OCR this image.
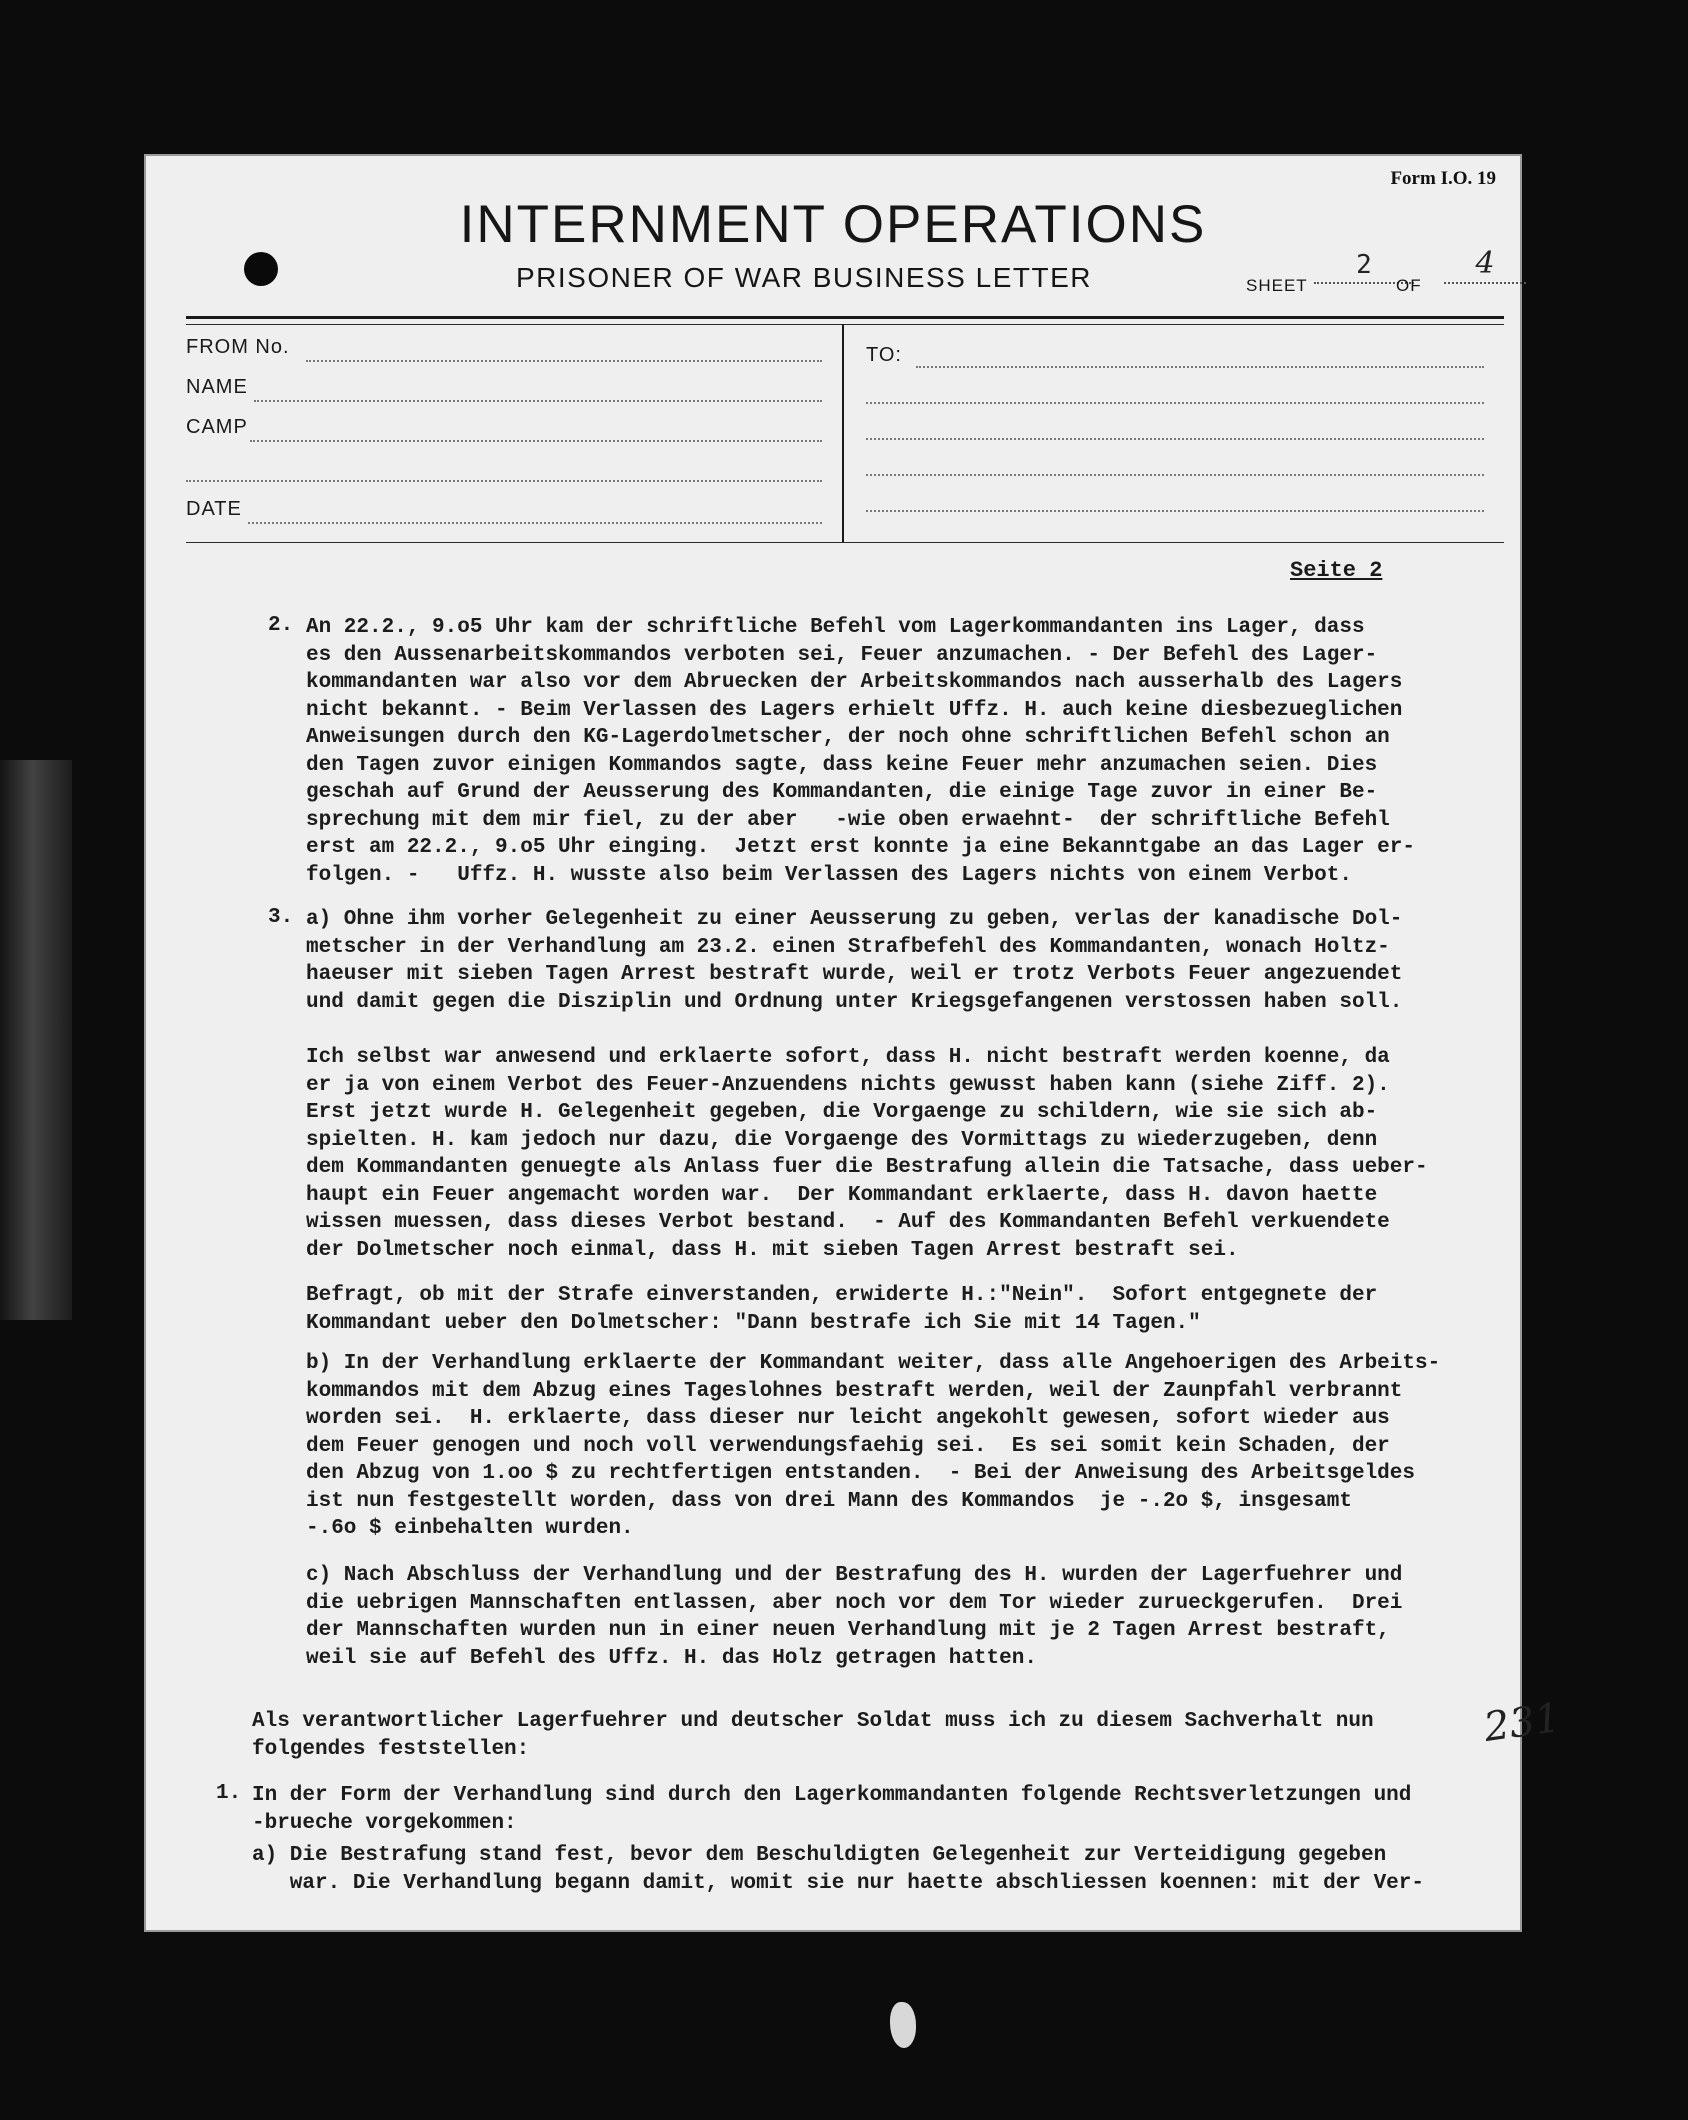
Form I.O. 19
INTERNMENT OPERATIONS
PRISONER OF WAR BUSINESS LETTER	SHEET
2
OF
4
FROM No.
NAME
CAMP
DATE
TO:
Seite 2
2. An 22.2., 9.o5 Uhr kam der schriftliche Befehl vom Lagerkommandanten ins Lager, dass
es den Aussenarbeitskommandos verboten sei, Feuer anzumachen. - Der Befehl des Lager-
kommandanten war also vor dem Abruecken der Arbeitskommandos nach ausserhalb des Lagers
nicht bekannt. - Beim Verlassen des Lagers erhielt Uffz. H. auch keine diesbezueglichen
Anweisungen durch den KG-Lagerdolmetscher, der noch ohne schriftlichen Befehl schon an
den Tagen zuvor einigen Kommandos sagte, dass keine Feuer mehr anzumachen seien. Dies
geschah auf Grund der Aeusserung des Kommandanten, die einige Tage zuvor in einer Be-
sprechung mit dem mir fiel, zu der aber   -wie oben erwaehnt-  der schriftliche Befehl
erst am 22.2., 9.o5 Uhr einging.  Jetzt erst konnte ja eine Bekanntgabe an das Lager er-
folgen. -   Uffz. H. wusste also beim Verlassen des Lagers nichts von einem Verbot.
3. a) Ohne ihm vorher Gelegenheit zu einer Aeusserung zu geben, verlas der kanadische Dol-
metscher in der Verhandlung am 23.2. einen Strafbefehl des Kommandanten, wonach Holtz-
haeuser mit sieben Tagen Arrest bestraft wurde, weil er trotz Verbots Feuer angezuendet
und damit gegen die Disziplin und Ordnung unter Kriegsgefangenen verstossen haben soll.
Ich selbst war anwesend und erklaerte sofort, dass H. nicht bestraft werden koenne, da
er ja von einem Verbot des Feuer-Anzuendens nichts gewusst haben kann (siehe Ziff. 2).
Erst jetzt wurde H. Gelegenheit gegeben, die Vorgaenge zu schildern, wie sie sich ab-
spielten. H. kam jedoch nur dazu, die Vorgaenge des Vormittags zu wiederzugeben, denn
dem Kommandanten genuegte als Anlass fuer die Bestrafung allein die Tatsache, dass ueber-
haupt ein Feuer angemacht worden war.  Der Kommandant erklaerte, dass H. davon haette
wissen muessen, dass dieses Verbot bestand.  - Auf des Kommandanten Befehl verkuendete
der Dolmetscher noch einmal, dass H. mit sieben Tagen Arrest bestraft sei.
Befragt, ob mit der Strafe einverstanden, erwiderte H.:"Nein".  Sofort entgegnete der
Kommandant ueber den Dolmetscher: "Dann bestrafe ich Sie mit 14 Tagen."
b) In der Verhandlung erklaerte der Kommandant weiter, dass alle Angehoerigen des Arbeits-
kommandos mit dem Abzug eines Tageslohnes bestraft werden, weil der Zaunpfahl verbrannt
worden sei.  H. erklaerte, dass dieser nur leicht angekohlt gewesen, sofort wieder aus
dem Feuer genogen und noch voll verwendungsfaehig sei.  Es sei somit kein Schaden, der
den Abzug von 1.oo $ zu rechtfertigen entstanden.  - Bei der Anweisung des Arbeitsgeldes
ist nun festgestellt worden, dass von drei Mann des Kommandos  je -.2o $, insgesamt
-.6o $ einbehalten wurden.
c) Nach Abschluss der Verhandlung und der Bestrafung des H. wurden der Lagerfuehrer und
die uebrigen Mannschaften entlassen, aber noch vor dem Tor wieder zurueckgerufen.  Drei
der Mannschaften wurden nun in einer neuen Verhandlung mit je 2 Tagen Arrest bestraft,
weil sie auf Befehl des Uffz. H. das Holz getragen hatten.
Als verantwortlicher Lagerfuehrer und deutscher Soldat muss ich zu diesem Sachverhalt nun
folgendes feststellen:
1. In der Form der Verhandlung sind durch den Lagerkommandanten folgende Rechtsverletzungen und
-brueche vorgekommen:
a) Die Bestrafung stand fest, bevor dem Beschuldigten Gelegenheit zur Verteidigung gegeben
war. Die Verhandlung begann damit, womit sie nur haette abschliessen koennen: mit der Ver-
231
